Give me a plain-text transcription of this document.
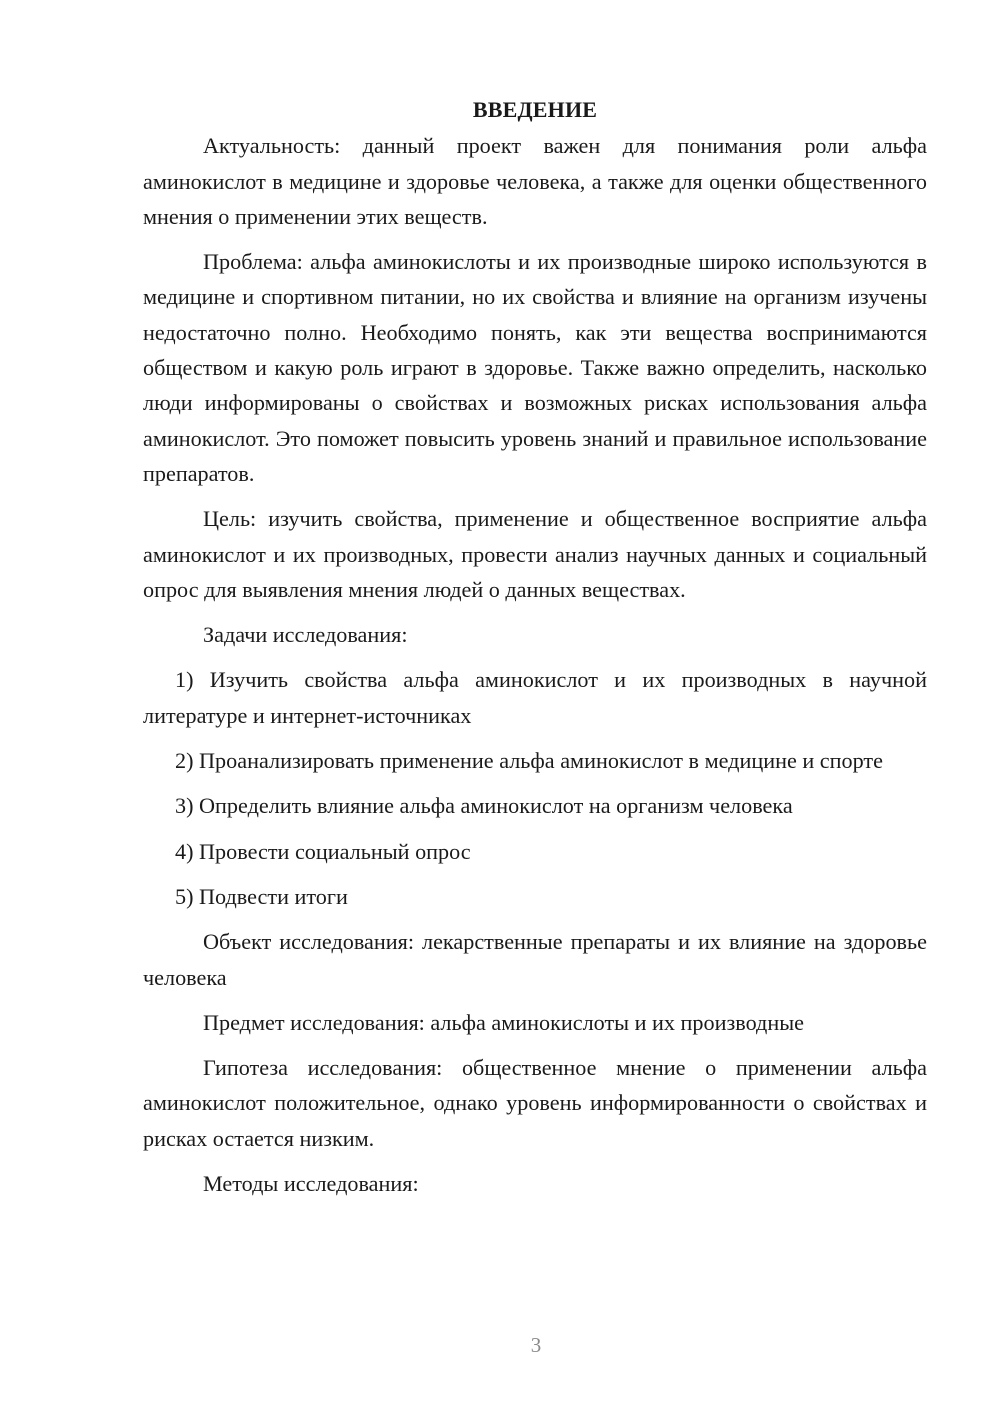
ВВЕДЕНИЕ

Актуальность: данный проект важен для понимания роли альфа аминокислот в медицине и здоровье человека, а также для оценки общественного мнения о применении этих веществ.

Проблема: альфа аминокислоты и их производные широко используются в медицине и спортивном питании, но их свойства и влияние на организм изучены недостаточно полно. Необходимо понять, как эти вещества воспринимаются обществом и какую роль играют в здоровье. Также важно определить, насколько люди информированы о свойствах и возможных рисках использования альфа аминокислот. Это поможет повысить уровень знаний и правильное использование препаратов.

Цель: изучить свойства, применение и общественное восприятие альфа аминокислот и их производных, провести анализ научных данных и социальный опрос для выявления мнения людей о данных веществах.

Задачи исследования:

1) Изучить свойства альфа аминокислот и их производных в научной литературе и интернет-источниках

2) Проанализировать применение альфа аминокислот в медицине и спорте

3) Определить влияние альфа аминокислот на организм человека

4) Провести социальный опрос

5) Подвести итоги

Объект исследования: лекарственные препараты и их влияние на здоровье человека

Предмет исследования: альфа аминокислоты и их производные

Гипотеза исследования: общественное мнение о применении альфа аминокислот положительное, однако уровень информированности о свойствах и рисках остается низким.

Методы исследования:

3
